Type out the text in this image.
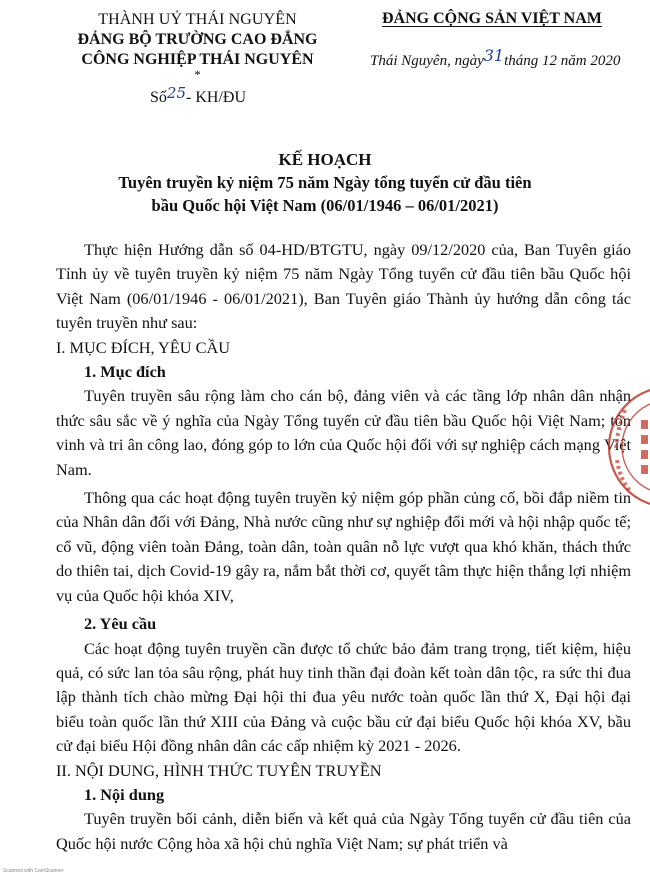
THÀNH UỶ THÁI NGUYÊN
ĐẢNG BỘ TRƯỜNG CAO ĐẲNG
CÔNG NGHIỆP THÁI NGUYÊN
*
Số25- KH/ĐU
ĐẢNG CỘNG SẢN VIỆT NAM
Thái Nguyên, ngày31tháng 12 năm 2020
KẾ HOẠCH
Tuyên truyền kỷ niệm 75 năm Ngày tổng tuyển cử đầu tiên
bầu Quốc hội Việt Nam (06/01/1946 – 06/01/2021)
Thực hiện Hướng dẫn số 04-HD/BTGTU, ngày 09/12/2020 của, Ban Tuyên giáo Tỉnh ủy về tuyên truyền kỷ niệm 75 năm Ngày Tổng tuyển cử đầu tiên bầu Quốc hội Việt Nam (06/01/1946 - 06/01/2021), Ban Tuyên giáo Thành ủy hướng dẫn công tác tuyên truyền như sau:
I. MỤC ĐÍCH, YÊU CẦU
1. Mục đích
Tuyên truyền sâu rộng làm cho cán bộ, đảng viên và các tầng lớp nhân dân nhận thức sâu sắc về ý nghĩa của Ngày Tổng tuyển cử đầu tiên bầu Quốc hội Việt Nam; tôn vinh và tri ân công lao, đóng góp to lớn của Quốc hội đối với sự nghiệp cách mạng Việt Nam.
Thông qua các hoạt động tuyên truyền kỷ niệm góp phần củng cố, bồi đắp niềm tin của Nhân dân đối với Đảng, Nhà nước cũng như sự nghiệp đổi mới và hội nhập quốc tế; cổ vũ, động viên toàn Đảng, toàn dân, toàn quân nỗ lực vượt qua khó khăn, thách thức do thiên tai, dịch Covid-19 gây ra, nắm bắt thời cơ, quyết tâm thực hiện thắng lợi nhiệm vụ của Quốc hội khóa XIV,
2. Yêu cầu
Các hoạt động tuyên truyền cần được tổ chức bảo đảm trang trọng, tiết kiệm, hiệu quả, có sức lan tỏa sâu rộng, phát huy tinh thần đại đoàn kết toàn dân tộc, ra sức thi đua lập thành tích chào mừng Đại hội thi đua yêu nước toàn quốc lần thứ X, Đại hội đại biểu toàn quốc lần thứ XIII của Đảng và cuộc bầu cử đại biểu Quốc hội khóa XV, bầu cử đại biểu Hội đồng nhân dân các cấp nhiệm kỳ 2021 - 2026.
II. NỘI DUNG, HÌNH THỨC TUYÊN TRUYỀN
1. Nội dung
Tuyên truyền bối cảnh, diễn biến và kết quả của Ngày Tổng tuyển cử đầu tiên của Quốc hội nước Cộng hòa xã hội chủ nghĩa Việt Nam; sự phát triển và
Scanned with CamScanner
